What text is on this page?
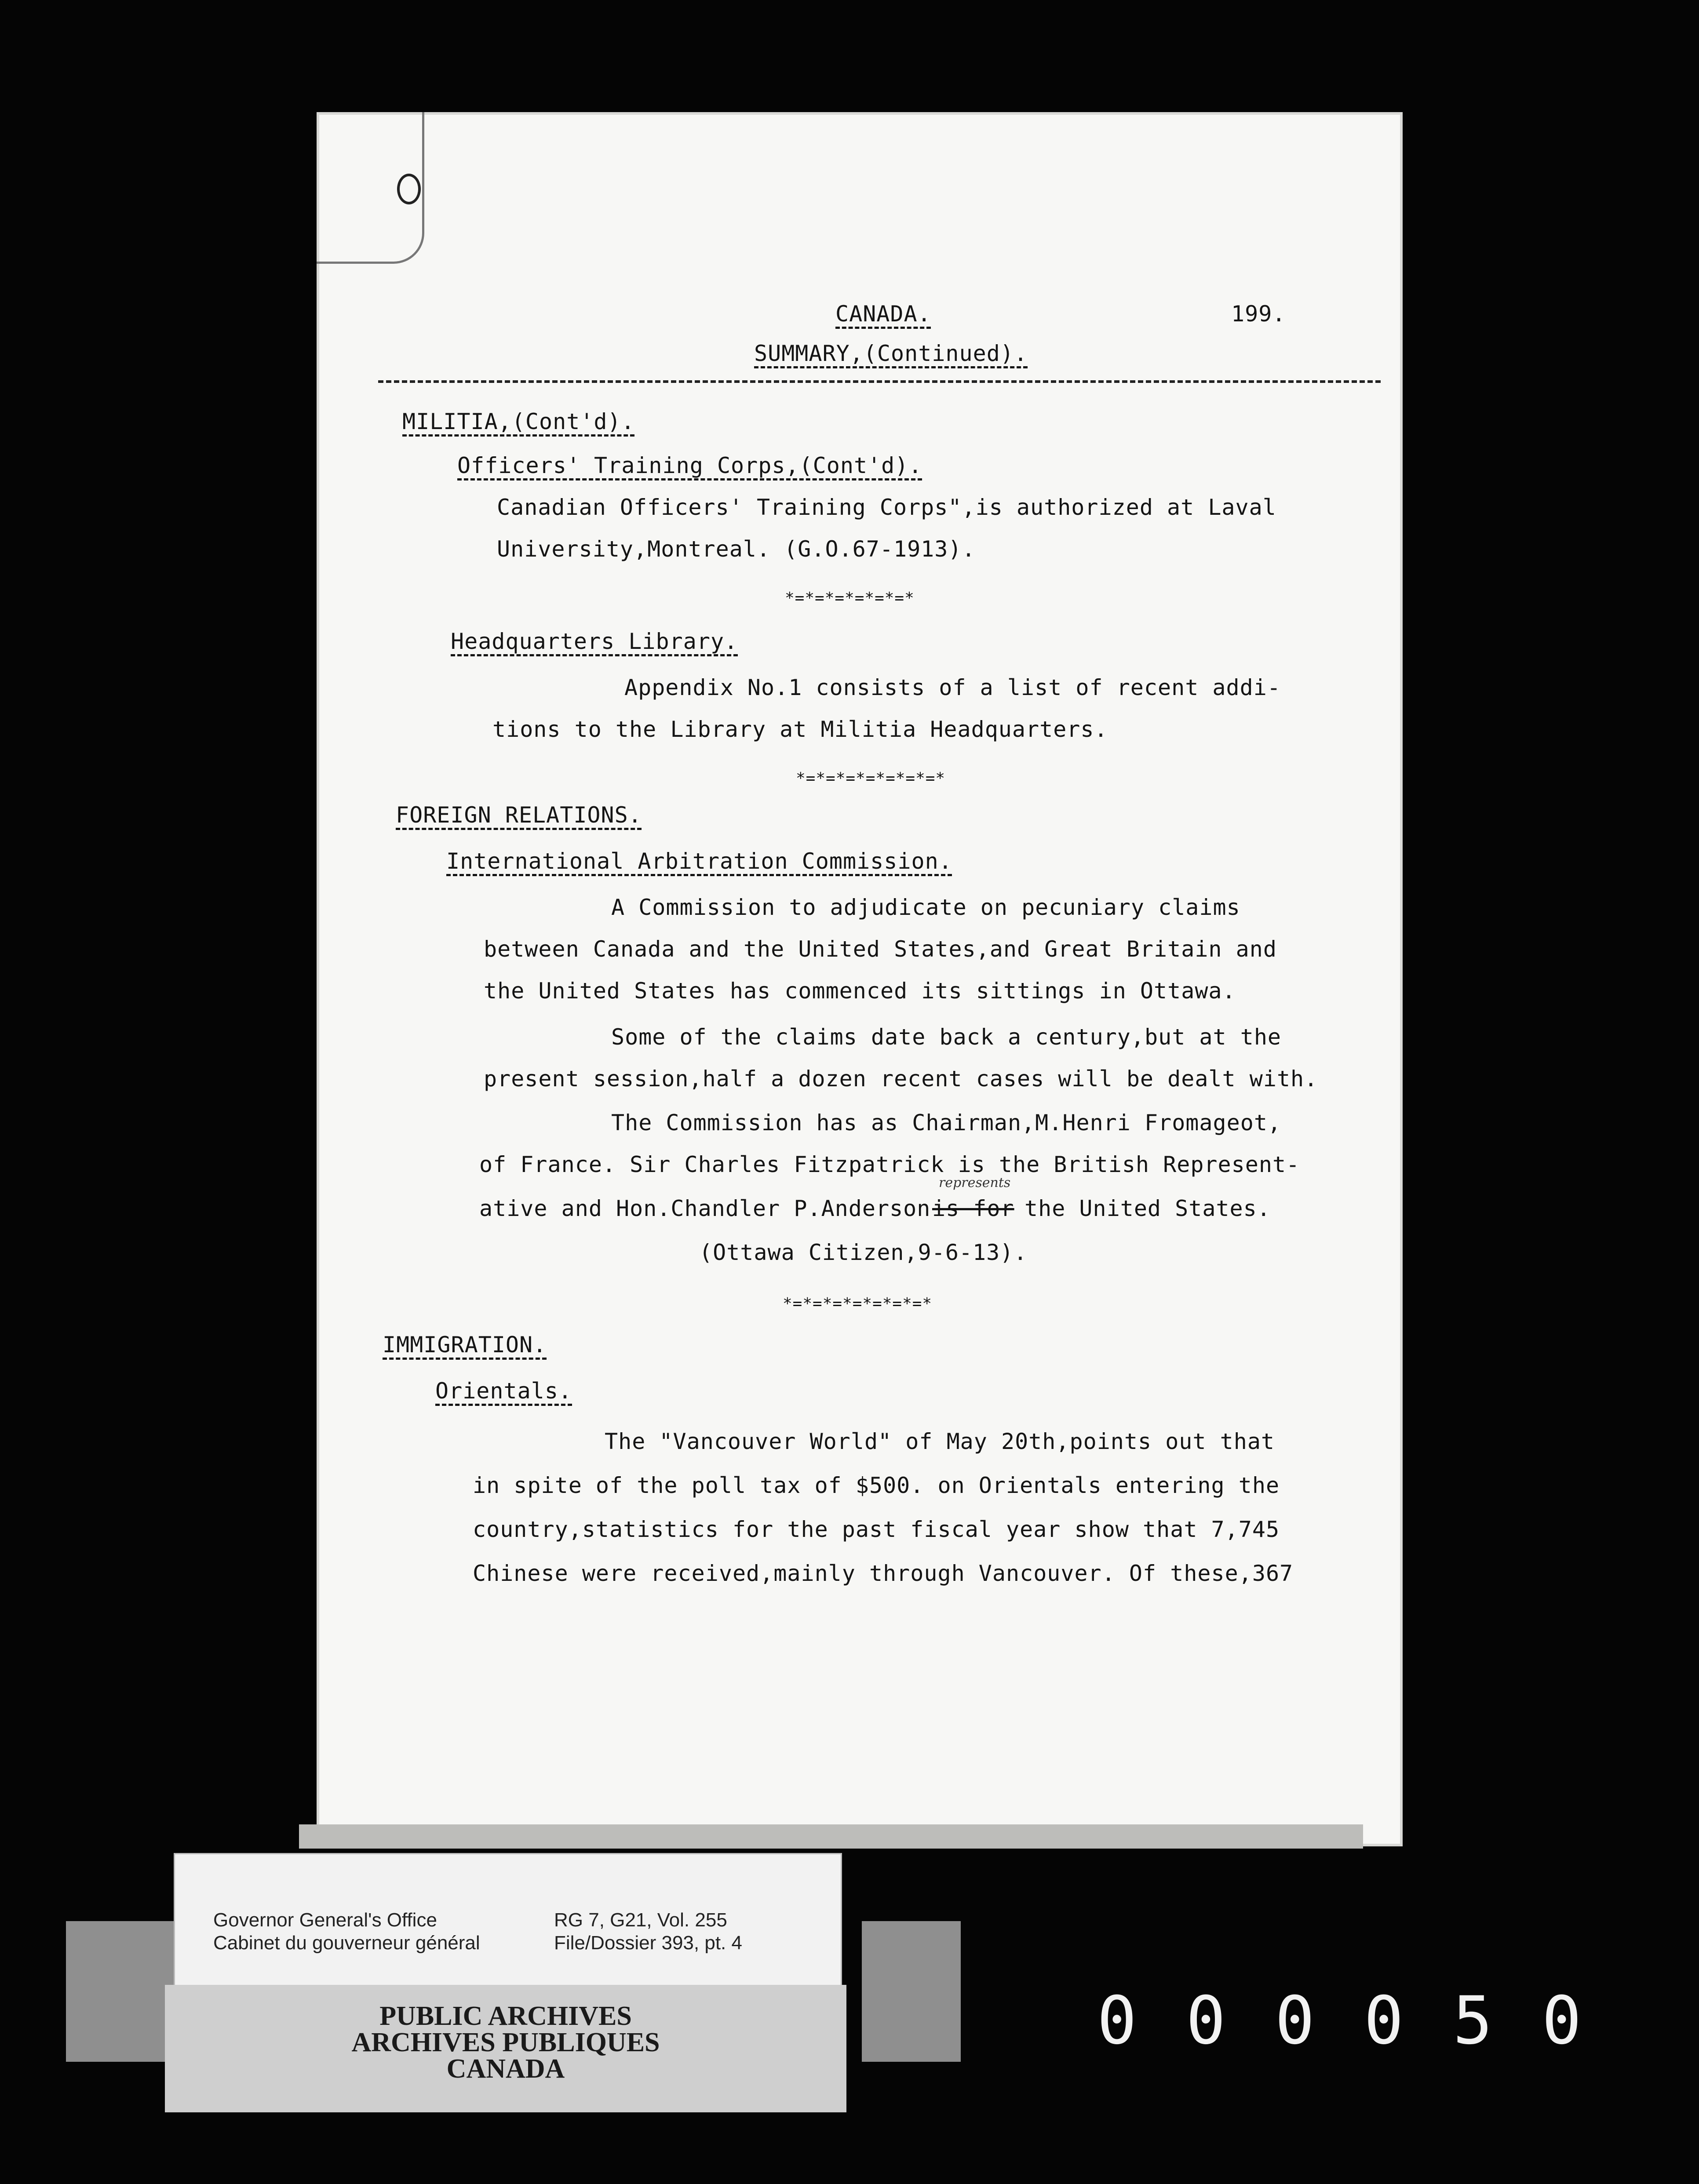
CANADA.	199.
SUMMARY,(Continued).
MILITIA,(Cont'd).
Officers' Training Corps,(Cont'd).
Canadian Officers' Training Corps",is authorized at Laval
University,Montreal. (G.O.67-1913).
*=*=*=*=*=*=*
Headquarters Library.
Appendix No.1 consists of a list of recent addi-
tions to the Library at Militia Headquarters.
*=*=*=*=*=*=*=*
FOREIGN RELATIONS.
International Arbitration Commission.
A Commission to adjudicate on pecuniary claims
between Canada and the United States,and Great Britain and
the United States has commenced its sittings in Ottawa.
Some of the claims date back a century,but at the
present session,half a dozen recent cases will be dealt with.
The Commission has as Chairman,M.Henri Fromageot,
of France. Sir Charles Fitzpatrick is the British Represent-
ative and Hon.Chandler P.Anderson is for
represents
the United States.
(Ottawa Citizen,9-6-13).
*=*=*=*=*=*=*=*
IMMIGRATION.
Orientals.
The "Vancouver World" of May 20th,points out that
in spite of the poll tax of $500. on Orientals entering the
country,statistics for the past fiscal year show that 7,745
Chinese were received,mainly through Vancouver. Of these,367
Governor General's Office
Cabinet du gouverneur général
RG 7, G21, Vol. 255
File/Dossier 393, pt. 4
PUBLIC ARCHIVES
ARCHIVES PUBLIQUES
CANADA
000050
